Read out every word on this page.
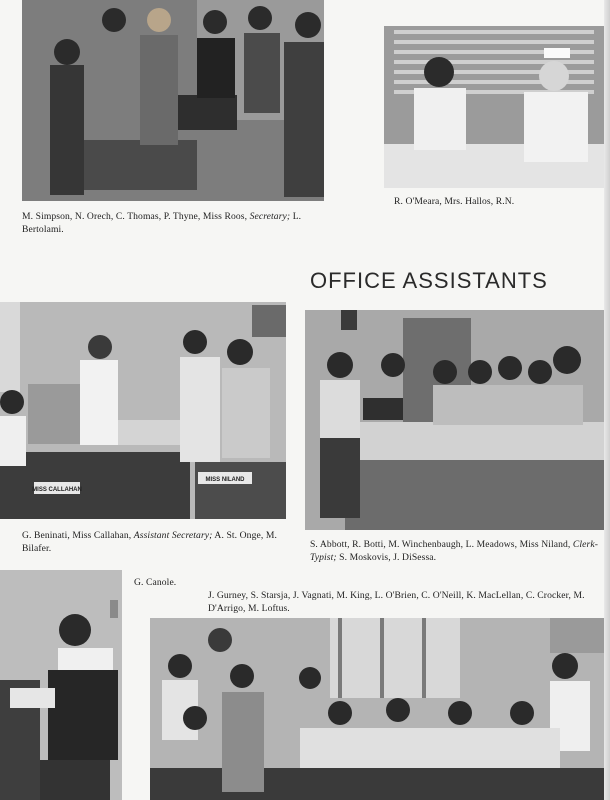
M. Simpson, N. Orech, C. Thomas, P. Thyne, Miss Roos, Secretary; L. Bertolami.
R. O'Meara, Mrs. Hallos, R.N.
OFFICE ASSISTANTS
MISS CALLAHAN
MISS NILAND
G. Beninati, Miss Callahan, Assistant Secretary; A. St. Onge, M. Bilafer.	S. Abbott, R. Botti, M. Winchenbaugh, L. Meadows, Miss Niland, Clerk-Typist; S. Moskovis, J. DiSessa.
G. Canole.
J. Gurney, S. Starsja, J. Vagnati, M. King, L. O'Brien, C. O'Neill, K. MacLellan, C. Crocker, M. D'Arrigo, M. Loftus.
